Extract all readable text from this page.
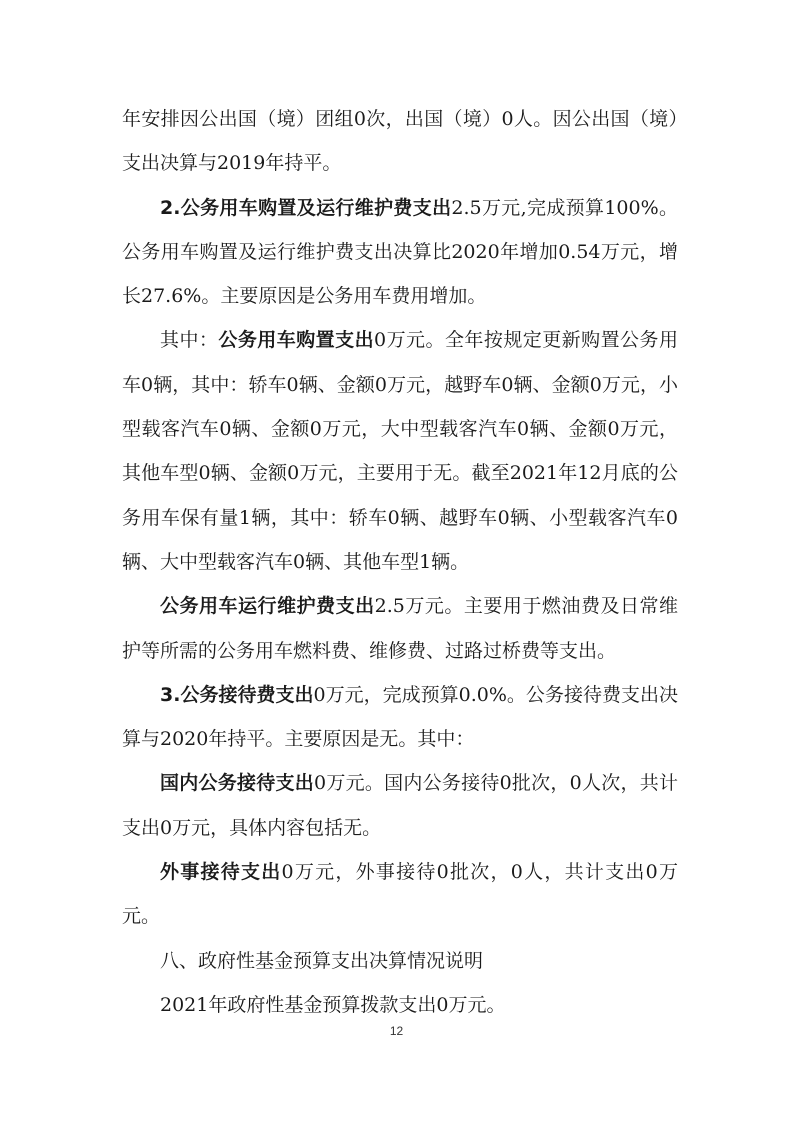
年安排因公出国（境）团组0次，出国（境）0人。因公出国（境）支出决算与2019年持平。

2.公务用车购置及运行维护费支出2.5万元,完成预算100%。公务用车购置及运行维护费支出决算比2020年增加0.54万元，增长27.6%。主要原因是公务用车费用增加。

其中：公务用车购置支出0万元。全年按规定更新购置公务用车0辆，其中：轿车0辆、金额0万元，越野车0辆、金额0万元，小型载客汽车0辆、金额0万元，大中型载客汽车0辆、金额0万元，其他车型0辆、金额0万元，主要用于无。截至2021年12月底的公务用车保有量1辆，其中：轿车0辆、越野车0辆、小型载客汽车0辆、大中型载客汽车0辆、其他车型1辆。

公务用车运行维护费支出2.5万元。主要用于燃油费及日常维护等所需的公务用车燃料费、维修费、过路过桥费等支出。

3.公务接待费支出0万元，完成预算0.0%。公务接待费支出决算与2020年持平。主要原因是无。其中：

国内公务接待支出0万元。国内公务接待0批次，0人次，共计支出0万元，具体内容包括无。

外事接待支出0万元，外事接待0批次，0人，共计支出0万元。

八、政府性基金预算支出决算情况说明

2021年政府性基金预算拨款支出0万元。

12
